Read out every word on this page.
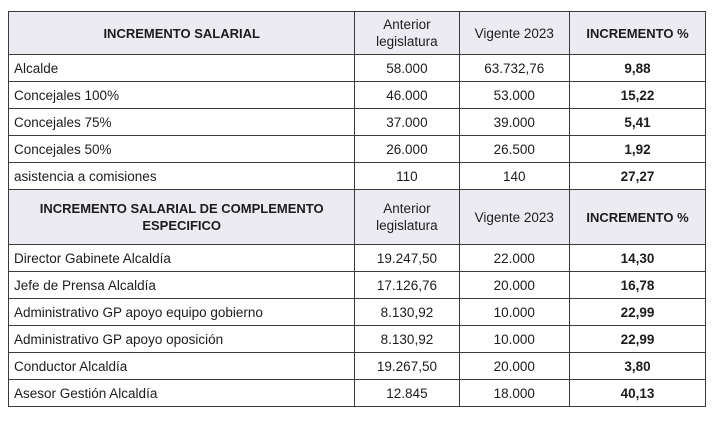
INCREMENTO SALARIAL	Anterior legislatura	Vigente 2023	INCREMENTO %
Alcalde	58.000	63.732,76	9,88
Concejales 100%	46.000	53.000	15,22
Concejales 75%	37.000	39.000	5,41
Concejales 50%	26.000	26.500	1,92
asistencia a comisiones	110	140	27,27
INCREMENTO SALARIAL DE COMPLEMENTO ESPECIFICO	Anterior legislatura	Vigente 2023	INCREMENTO %
Director Gabinete Alcaldía	19.247,50	22.000	14,30
Jefe de Prensa Alcaldía	17.126,76	20.000	16,78
Administrativo GP apoyo equipo gobierno	8.130,92	10.000	22,99
Administrativo GP apoyo oposición	8.130,92	10.000	22,99
Conductor Alcaldía	19.267,50	20.000	3,80
Asesor Gestión Alcaldía	12.845	18.000	40,13
